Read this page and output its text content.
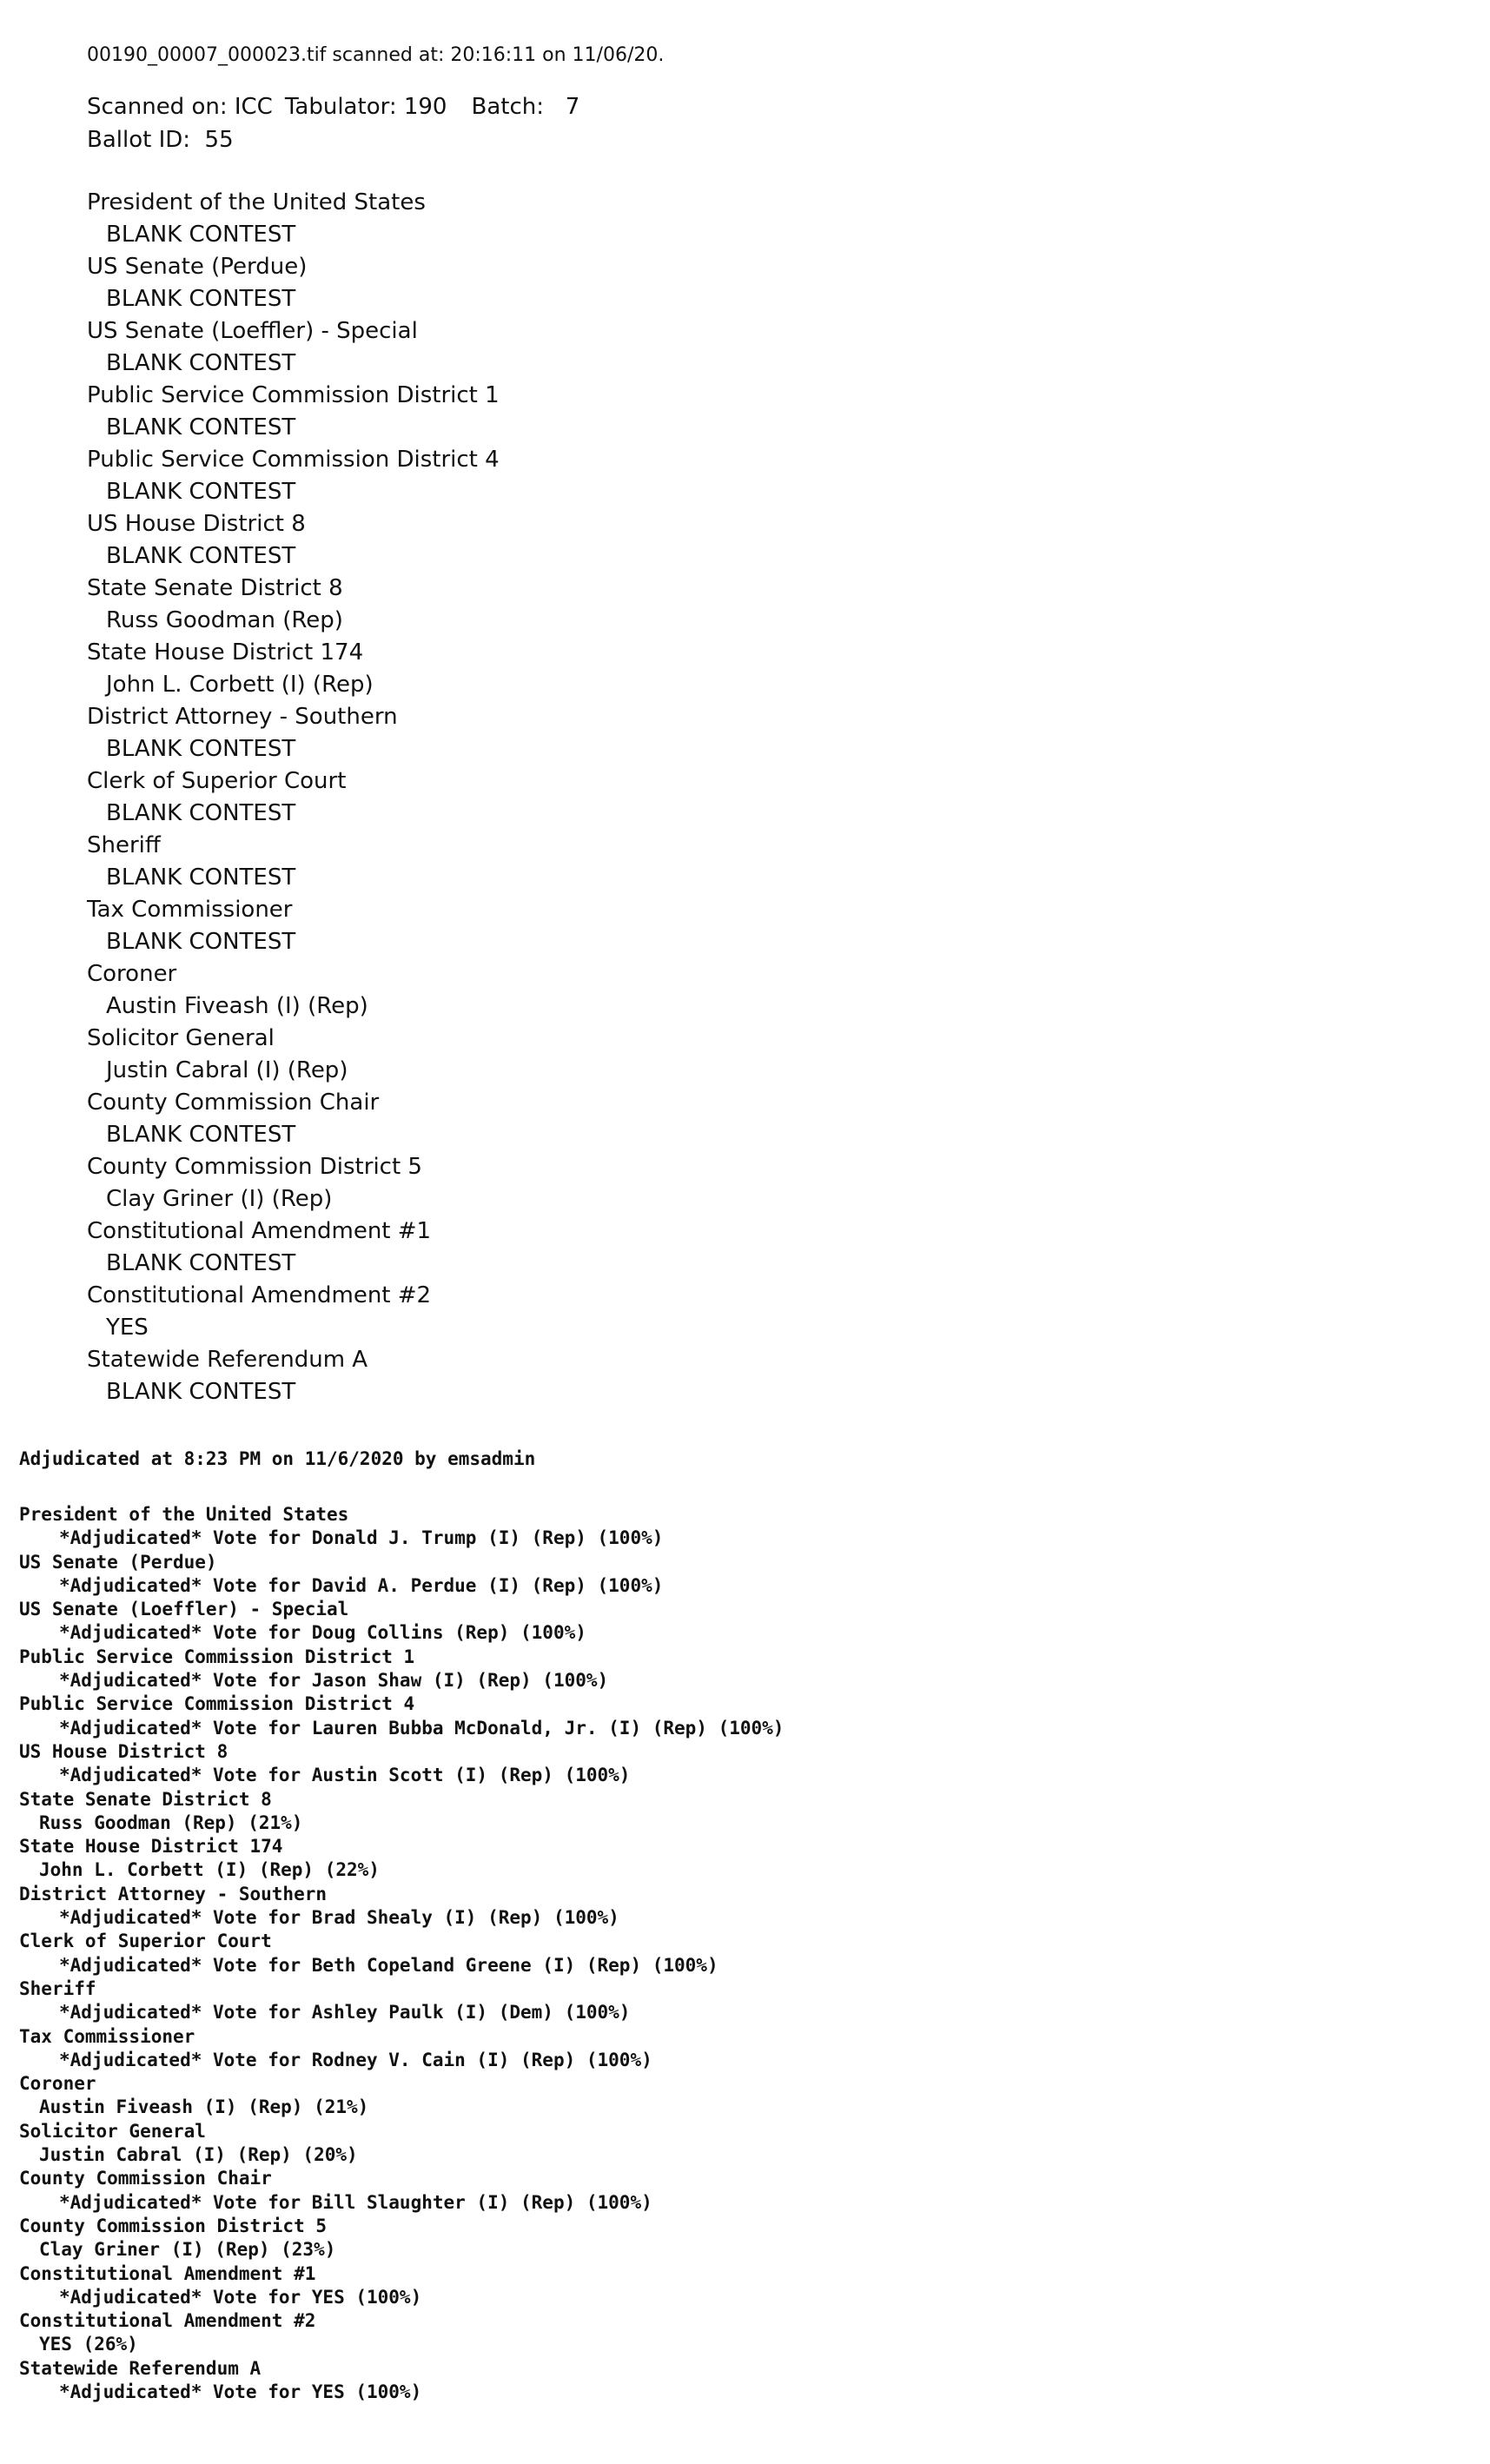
00190_00007_000023.tif scanned at: 20:16:11 on 11/06/20.
Scanned on: ICC Tabulator: 190 Batch:   7
Ballot ID:  55
President of the United States
BLANK CONTEST
US Senate (Perdue)
BLANK CONTEST
US Senate (Loeffler) - Special
BLANK CONTEST
Public Service Commission District 1
BLANK CONTEST
Public Service Commission District 4
BLANK CONTEST
US House District 8
BLANK CONTEST
State Senate District 8
Russ Goodman (Rep)
State House District 174
John L. Corbett (I) (Rep)
District Attorney - Southern
BLANK CONTEST
Clerk of Superior Court
BLANK CONTEST
Sheriff
BLANK CONTEST
Tax Commissioner
BLANK CONTEST
Coroner
Austin Fiveash (I) (Rep)
Solicitor General
Justin Cabral (I) (Rep)
County Commission Chair
BLANK CONTEST
County Commission District 5
Clay Griner (I) (Rep)
Constitutional Amendment #1
BLANK CONTEST
Constitutional Amendment #2
YES
Statewide Referendum A
BLANK CONTEST
Adjudicated at 8:23 PM on 11/6/2020 by emsadmin
President of the United States
*Adjudicated* Vote for Donald J. Trump (I) (Rep) (100%)
US Senate (Perdue)
*Adjudicated* Vote for David A. Perdue (I) (Rep) (100%)
US Senate (Loeffler) - Special
*Adjudicated* Vote for Doug Collins (Rep) (100%)
Public Service Commission District 1
*Adjudicated* Vote for Jason Shaw (I) (Rep) (100%)
Public Service Commission District 4
*Adjudicated* Vote for Lauren Bubba McDonald, Jr. (I) (Rep) (100%)
US House District 8
*Adjudicated* Vote for Austin Scott (I) (Rep) (100%)
State Senate District 8
Russ Goodman (Rep) (21%)
State House District 174
John L. Corbett (I) (Rep) (22%)
District Attorney - Southern
*Adjudicated* Vote for Brad Shealy (I) (Rep) (100%)
Clerk of Superior Court
*Adjudicated* Vote for Beth Copeland Greene (I) (Rep) (100%)
Sheriff
*Adjudicated* Vote for Ashley Paulk (I) (Dem) (100%)
Tax Commissioner
*Adjudicated* Vote for Rodney V. Cain (I) (Rep) (100%)
Coroner
Austin Fiveash (I) (Rep) (21%)
Solicitor General
Justin Cabral (I) (Rep) (20%)
County Commission Chair
*Adjudicated* Vote for Bill Slaughter (I) (Rep) (100%)
County Commission District 5
Clay Griner (I) (Rep) (23%)
Constitutional Amendment #1
*Adjudicated* Vote for YES (100%)
Constitutional Amendment #2
YES (26%)
Statewide Referendum A
*Adjudicated* Vote for YES (100%)
